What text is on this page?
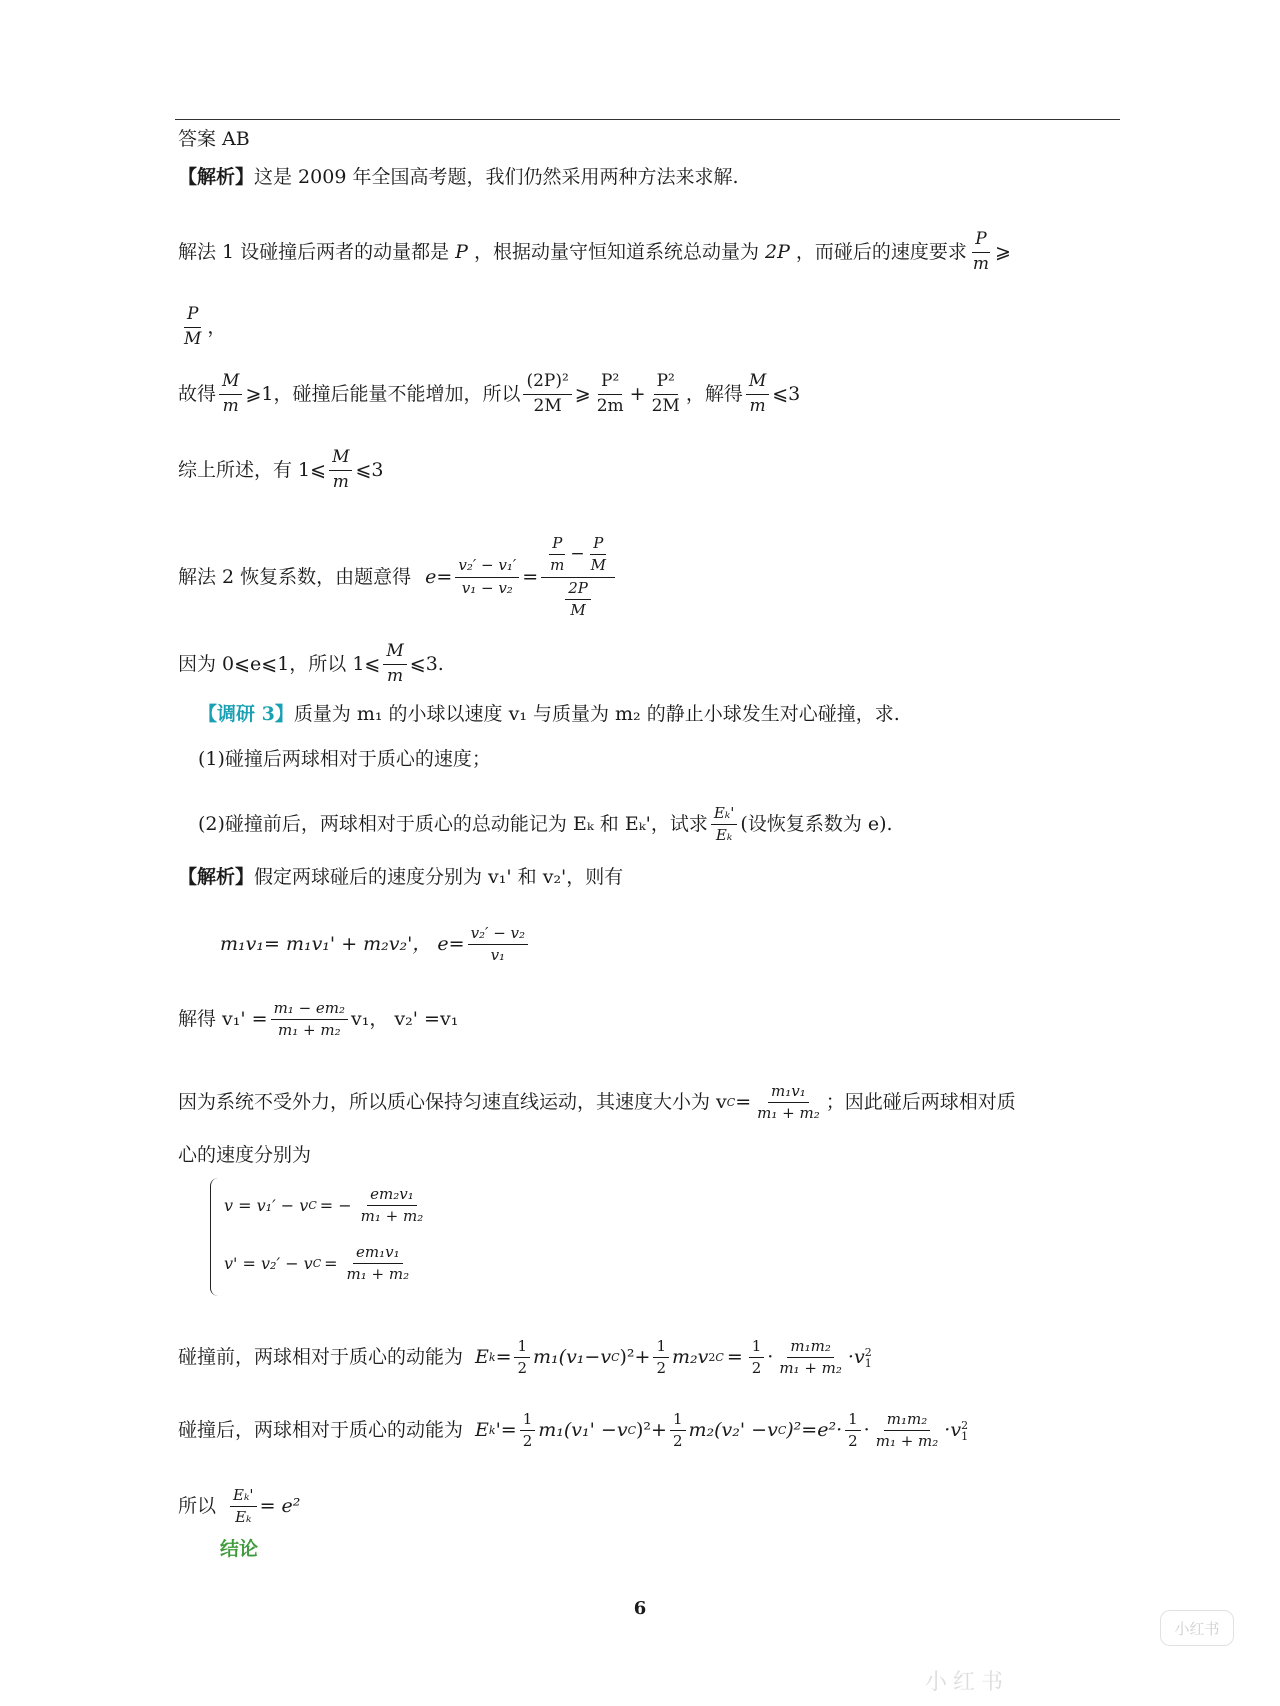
答案 AB
【解析】 这是 2009 年全国高考题，我们仍然采用两种方法来求解.
解法 1 设碰撞后两者的动量都是 P ，根据动量守恒知道系统总动量为 2P ，而碰后的速度要求 $\frac{P}{m}$ ⩾
$\frac{P}{M}$ ，
故得 $\frac{M}{m}$ ⩾1，碰撞后能量不能增加，所以 $\frac{\text{(2P)²}}{2M}$ ⩾ $\frac{\text{P²}}{2m} + \frac{\text{P²}}{2M}$ ，解得 $\frac{M}{m}$ ⩽3
综上所述，有 1⩽ $\frac{M}{m}$ ⩽3
解法 2 恢复系数，由题意得 $e= \frac{\text{v₂′ − v₁′}}{\text{v₁ − v₂}} = \frac{\frac{P}{m} - \frac{P}{M}}{\frac{2P}{M}}$
因为 0⩽e⩽1，所以 1⩽ $\frac{M}{m}$ ⩽3.
【调研 3】 质量为 m₁ 的小球以速度 v₁ 与质量为 m₂ 的静止小球发生对心碰撞，求.
(1)碰撞后两球相对于质心的速度；
(2)碰撞前后，两球相对于质心的总动能记为 Eₖ 和 Eₖ'，试求 $\frac{\text{Eₖ'}}{\text{Eₖ}}$ (设恢复系数为 e).
【解析】 假定两球碰后的速度分别为 v₁' 和 v₂'，则有
m₁v₁= m₁v₁' + m₂v₂'， $e= \frac{\text{v₂′ − v₂}}{\text{v₁}}$
解得 $v_1' = \frac{\text{m₁ − em₂}}{\text{m₁ + m₂}} v_1$， v₂' =v₁
因为系统不受外力，所以质心保持匀速直线运动，其速度大小为 v $C = \frac{\text{m₁v₁}}{\text{m₁ + m₂}}$ ；因此碰后两球相对质
心的速度分别为
v = v₁′ − v C = − $\frac{\text{em₂v₁}}{\text{m₁ + m₂}}$
v' = v₂′ − v $C = \frac{\text{em₁v₁}}{\text{m₁ + m₂}}$
碰撞前，两球相对于质心的动能为 E $k = \frac{1}{2} m_1(v_1-v$ C )$^2+ \frac{1}{2} m_2v$ 2 $C = \frac{1}{2} \cdot \frac{\text{m₁m₂}}{\text{m₁ + m₂}} \cdot v$ 2
1
碰撞后，两球相对于质心的动能为 E k '= $\frac{1}{2} m_1(v_1' -v$ C )$^2+ \frac{1}{2} m_2(v_2' -v$ C )$^2=e^2\cdot \frac{1}{2} \cdot \frac{\text{m₁m₂}}{\text{m₁ + m₂}} \cdot v$ 2
1
所以 $\frac{\text{Eₖ'}}{\text{Eₖ}} = e^2$
结论
6
小红书
小红书
